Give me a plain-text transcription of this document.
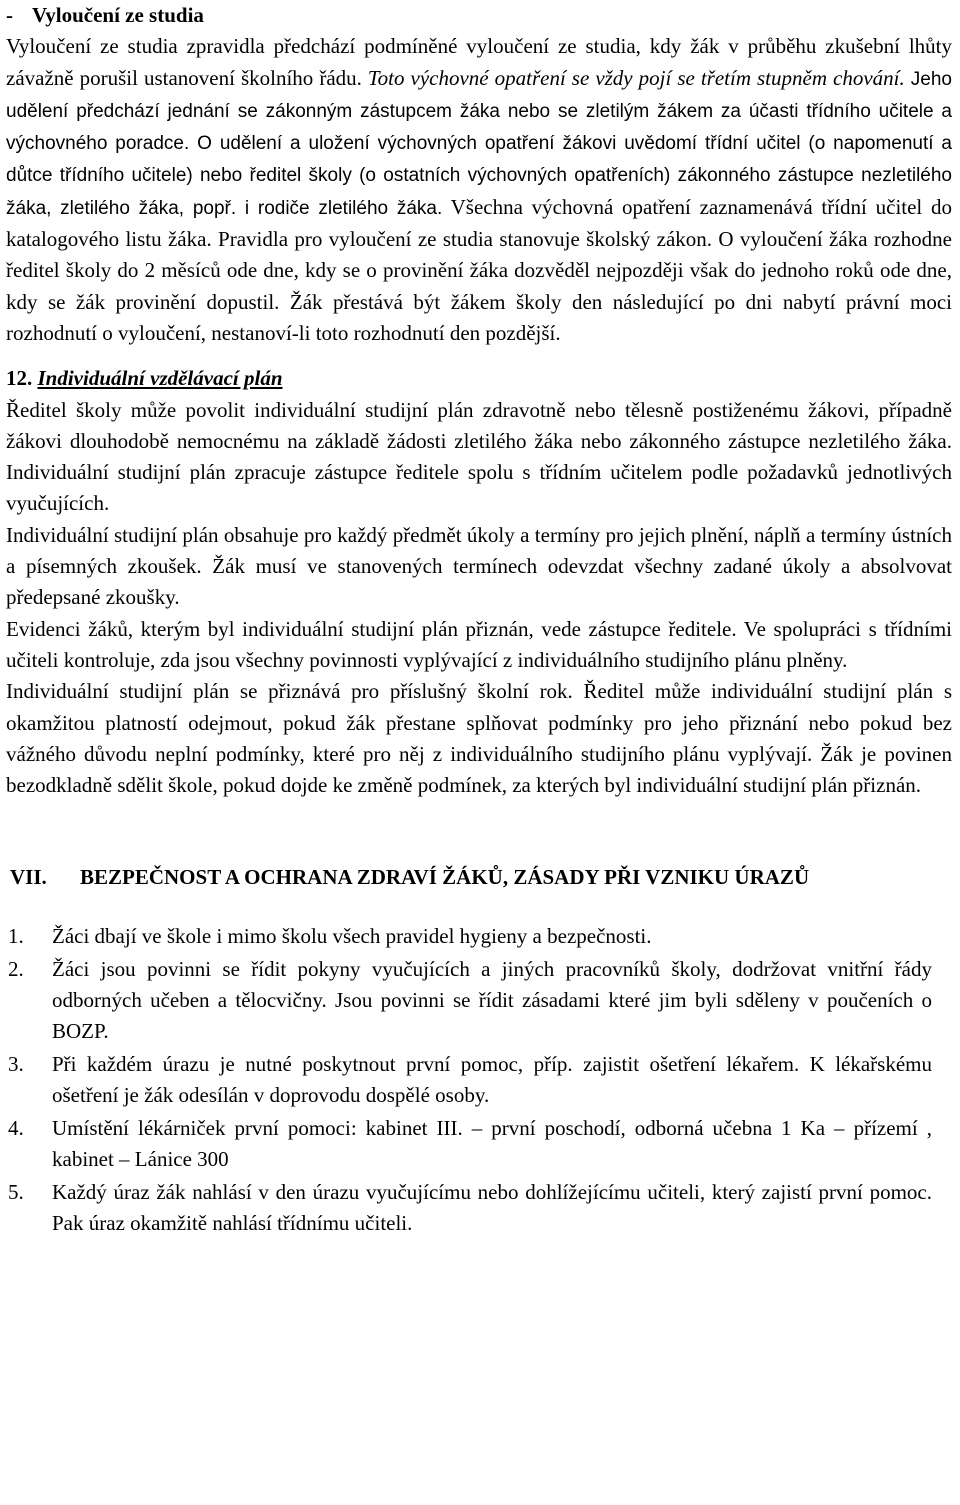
- Vyloučení ze studia

Vyloučení ze studia zpravidla předchází podmíněné vyloučení ze studia, kdy žák v průběhu zkušební lhůty závažně porušil ustanovení školního řádu. Toto výchovné opatření se vždy pojí se třetím stupněm chování. Jeho udělení předchází jednání se zákonným zástupcem žáka nebo se zletilým žákem za účasti třídního učitele a výchovného poradce. O udělení a uložení výchovných opatření žákovi uvědomí třídní učitel (o napomenutí a důtce třídního učitele) nebo ředitel školy (o ostatních výchovných opatřeních) zákonného zástupce nezletilého žáka, zletilého žáka, popř. i rodiče zletilého žáka. Všechna výchovná opatření zaznamenává třídní učitel do katalogového listu žáka. Pravidla pro vyloučení ze studia stanovuje školský zákon. O vyloučení žáka rozhodne ředitel školy do 2 měsíců ode dne, kdy se o provinění žáka dozvěděl nejpozději však do jednoho roků ode dne, kdy se žák provinění dopustil. Žák přestává být žákem školy den následující po dni nabytí právní moci rozhodnutí o vyloučení, nestanoví-li toto rozhodnutí den pozdější.

12. Individuální vzdělávací plán

Ředitel školy může povolit individuální studijní plán zdravotně nebo tělesně postiženému žákovi, případně žákovi dlouhodobě nemocnému na základě žádosti zletilého žáka nebo zákonného zástupce nezletilého žáka. Individuální studijní plán zpracuje zástupce ředitele spolu s třídním učitelem podle požadavků jednotlivých vyučujících.

Individuální studijní plán obsahuje pro každý předmět úkoly a termíny pro jejich plnění, náplň a termíny ústních a písemných zkoušek. Žák musí ve stanovených termínech odevzdat všechny zadané úkoly a absolvovat předepsané zkoušky.

Evidenci žáků, kterým byl individuální studijní plán přiznán, vede zástupce ředitele. Ve spolupráci s třídními učiteli kontroluje, zda jsou všechny povinnosti vyplývající z individuálního studijního plánu plněny.

Individuální studijní plán se přiznává pro příslušný školní rok. Ředitel může individuální studijní plán s okamžitou platností odejmout, pokud žák přestane splňovat podmínky pro jeho přiznání nebo pokud bez vážného důvodu neplní podmínky, které pro něj z individuálního studijního plánu vyplývají. Žák je povinen bezodkladně sdělit škole, pokud dojde ke změně podmínek, za kterých byl individuální studijní plán přiznán.

VII.	BEZPEČNOST A OCHRANA ZDRAVÍ ŽÁKŮ, ZÁSADY PŘI VZNIKU ÚRAZŮ
1.	Žáci dbají ve škole i mimo školu všech pravidel hygieny a bezpečnosti.
2.	Žáci jsou povinni se řídit pokyny vyučujících a jiných pracovníků školy, dodržovat vnitřní řády odborných učeben a tělocvičny. Jsou povinni se řídit zásadami které jim byli sděleny v poučeních o BOZP.
3.	Při každém úrazu je nutné poskytnout první pomoc, příp. zajistit ošetření lékařem. K lékařskému ošetření je žák odesílán v doprovodu dospělé osoby.
4.	Umístění lékárniček první pomoci: kabinet III. – první poschodí, odborná učebna 1 Ka – přízemí , kabinet – Lánice 300
5.	Každý úraz žák nahlásí v den úrazu vyučujícímu nebo dohlížejícímu učiteli, který zajistí první pomoc. Pak úraz okamžitě nahlásí třídnímu učiteli.
